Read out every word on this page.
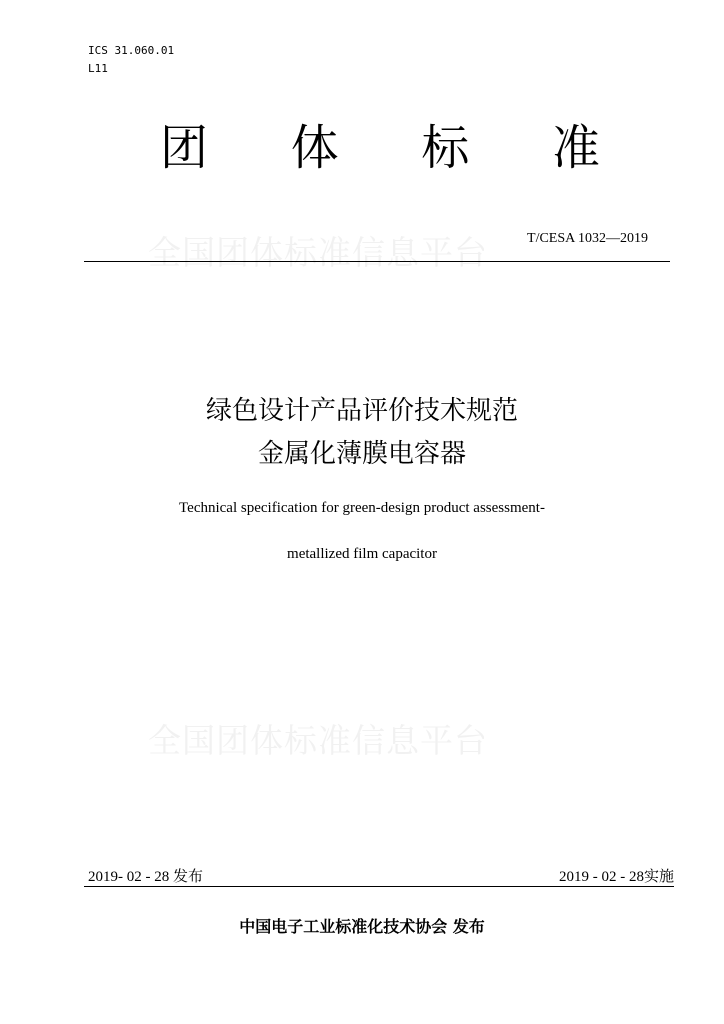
ICS 31.060.01
L11
团 体 标 准
全国团体标准信息平台	T/CESA 1032—2019
绿色设计产品评价技术规范
金属化薄膜电容器
Technical specification for green-design product assessment-
metallized film capacitor
全国团体标准信息平台
2019- 02 - 28 发布	2019 - 02 - 28实施
中国电子工业标准化技术协会 发布
